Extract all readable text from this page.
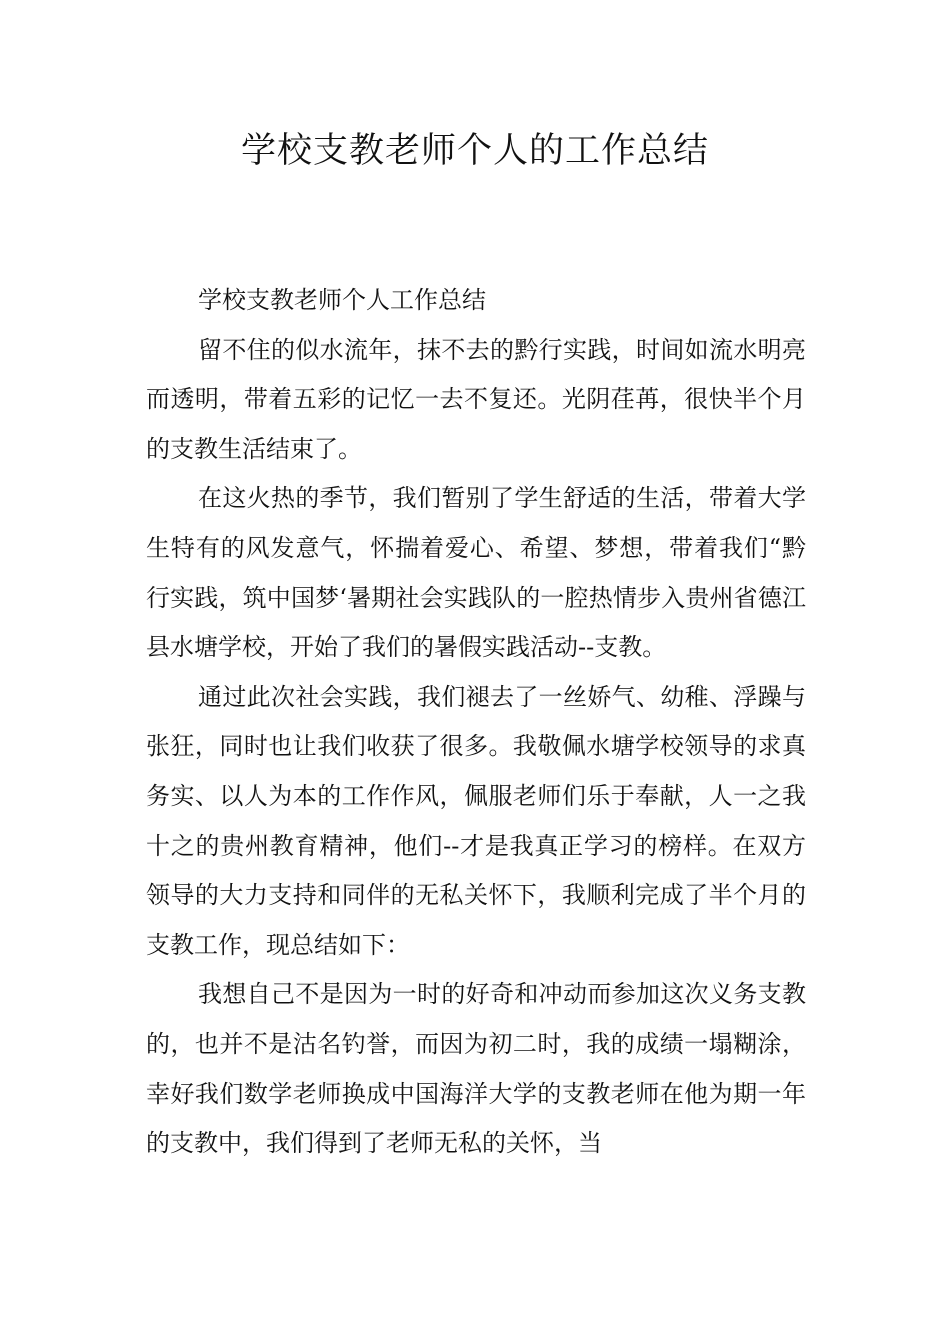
学校支教老师个人的工作总结

学校支教老师个人工作总结

留不住的似水流年，抹不去的黔行实践，时间如流水明亮而透明，带着五彩的记忆一去不复还。光阴荏苒，很快半个月的支教生活结束了。

在这火热的季节，我们暂别了学生舒适的生活，带着大学生特有的风发意气，怀揣着爱心、希望、梦想，带着我们“黔行实践，筑中国梦‘暑期社会实践队的一腔热情步入贵州省德江县水塘学校，开始了我们的暑假实践活动--支教。

通过此次社会实践，我们褪去了一丝娇气、幼稚、浮躁与张狂，同时也让我们收获了很多。我敬佩水塘学校领导的求真务实、以人为本的工作作风，佩服老师们乐于奉献，人一之我十之的贵州教育精神，他们--才是我真正学习的榜样。在双方领导的大力支持和同伴的无私关怀下，我顺利完成了半个月的支教工作，现总结如下：

我想自己不是因为一时的好奇和冲动而参加这次义务支教的，也并不是沽名钓誉，而因为初二时，我的成绩一塌糊涂，幸好我们数学老师换成中国海洋大学的支教老师在他为期一年的支教中，我们得到了老师无私的关怀，当
